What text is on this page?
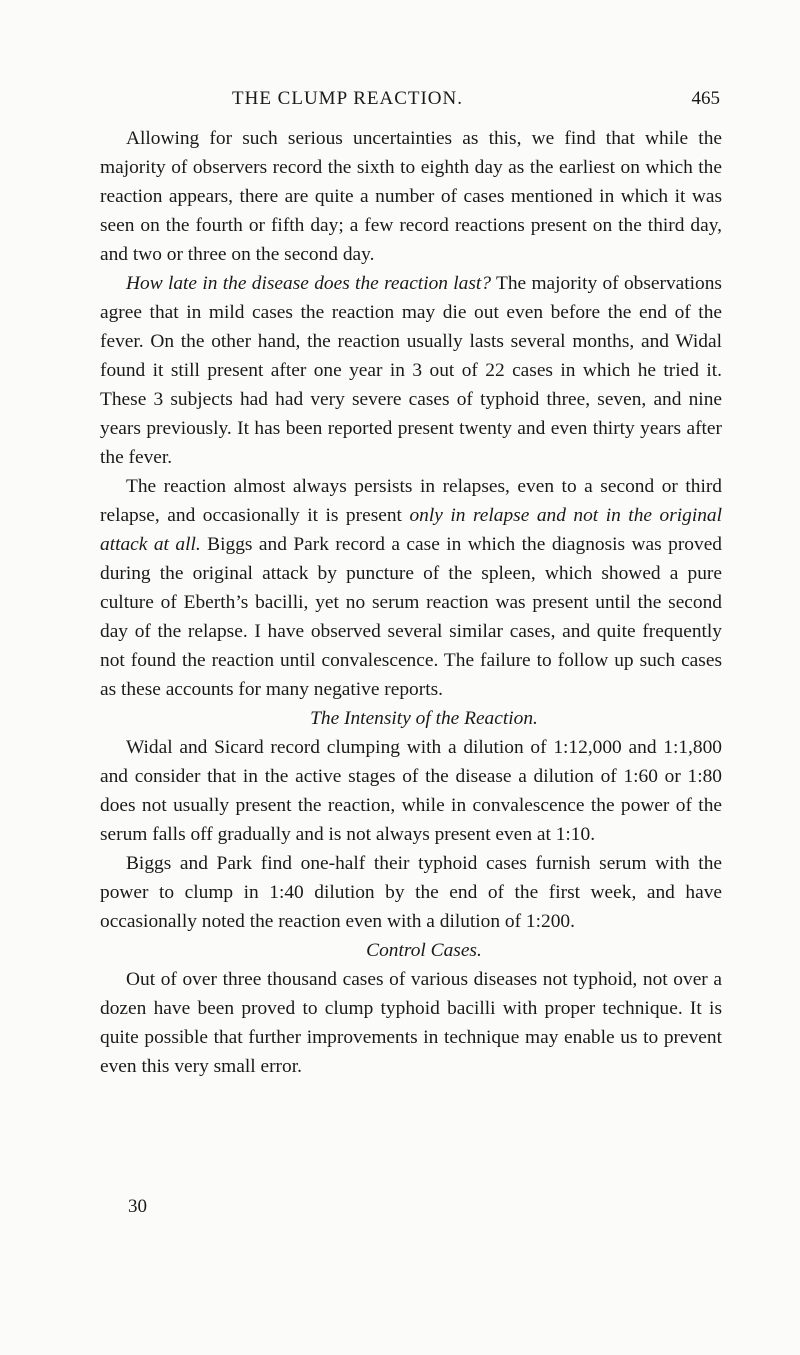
THE CLUMP REACTION.	465

Allowing for such serious uncertainties as this, we find that while the majority of observers record the sixth to eighth day as the earliest on which the reaction appears, there are quite a number of cases mentioned in which it was seen on the fourth or fifth day; a few record reactions present on the third day, and two or three on the second day.

How late in the disease does the reaction last? The majority of observations agree that in mild cases the reaction may die out even before the end of the fever. On the other hand, the reaction usually lasts several months, and Widal found it still present after one year in 3 out of 22 cases in which he tried it. These 3 subjects had had very severe cases of typhoid three, seven, and nine years previously. It has been reported present twenty and even thirty years after the fever.

The reaction almost always persists in relapses, even to a second or third relapse, and occasionally it is present only in relapse and not in the original attack at all. Biggs and Park record a case in which the diagnosis was proved during the original attack by puncture of the spleen, which showed a pure culture of Eberth’s bacilli, yet no serum reaction was present until the second day of the relapse. I have observed several similar cases, and quite frequently not found the reaction until convalescence. The failure to follow up such cases as these accounts for many negative reports.

The Intensity of the Reaction.

Widal and Sicard record clumping with a dilution of 1:12,000 and 1:1,800 and consider that in the active stages of the disease a dilution of 1:60 or 1:80 does not usually present the reaction, while in convalescence the power of the serum falls off gradually and is not always present even at 1:10.

Biggs and Park find one-half their typhoid cases furnish serum with the power to clump in 1:40 dilution by the end of the first week, and have occasionally noted the reaction even with a dilution of 1:200.

Control Cases.

Out of over three thousand cases of various diseases not typhoid, not over a dozen have been proved to clump typhoid bacilli with proper technique. It is quite possible that further improvements in technique may enable us to prevent even this very small error.

30
